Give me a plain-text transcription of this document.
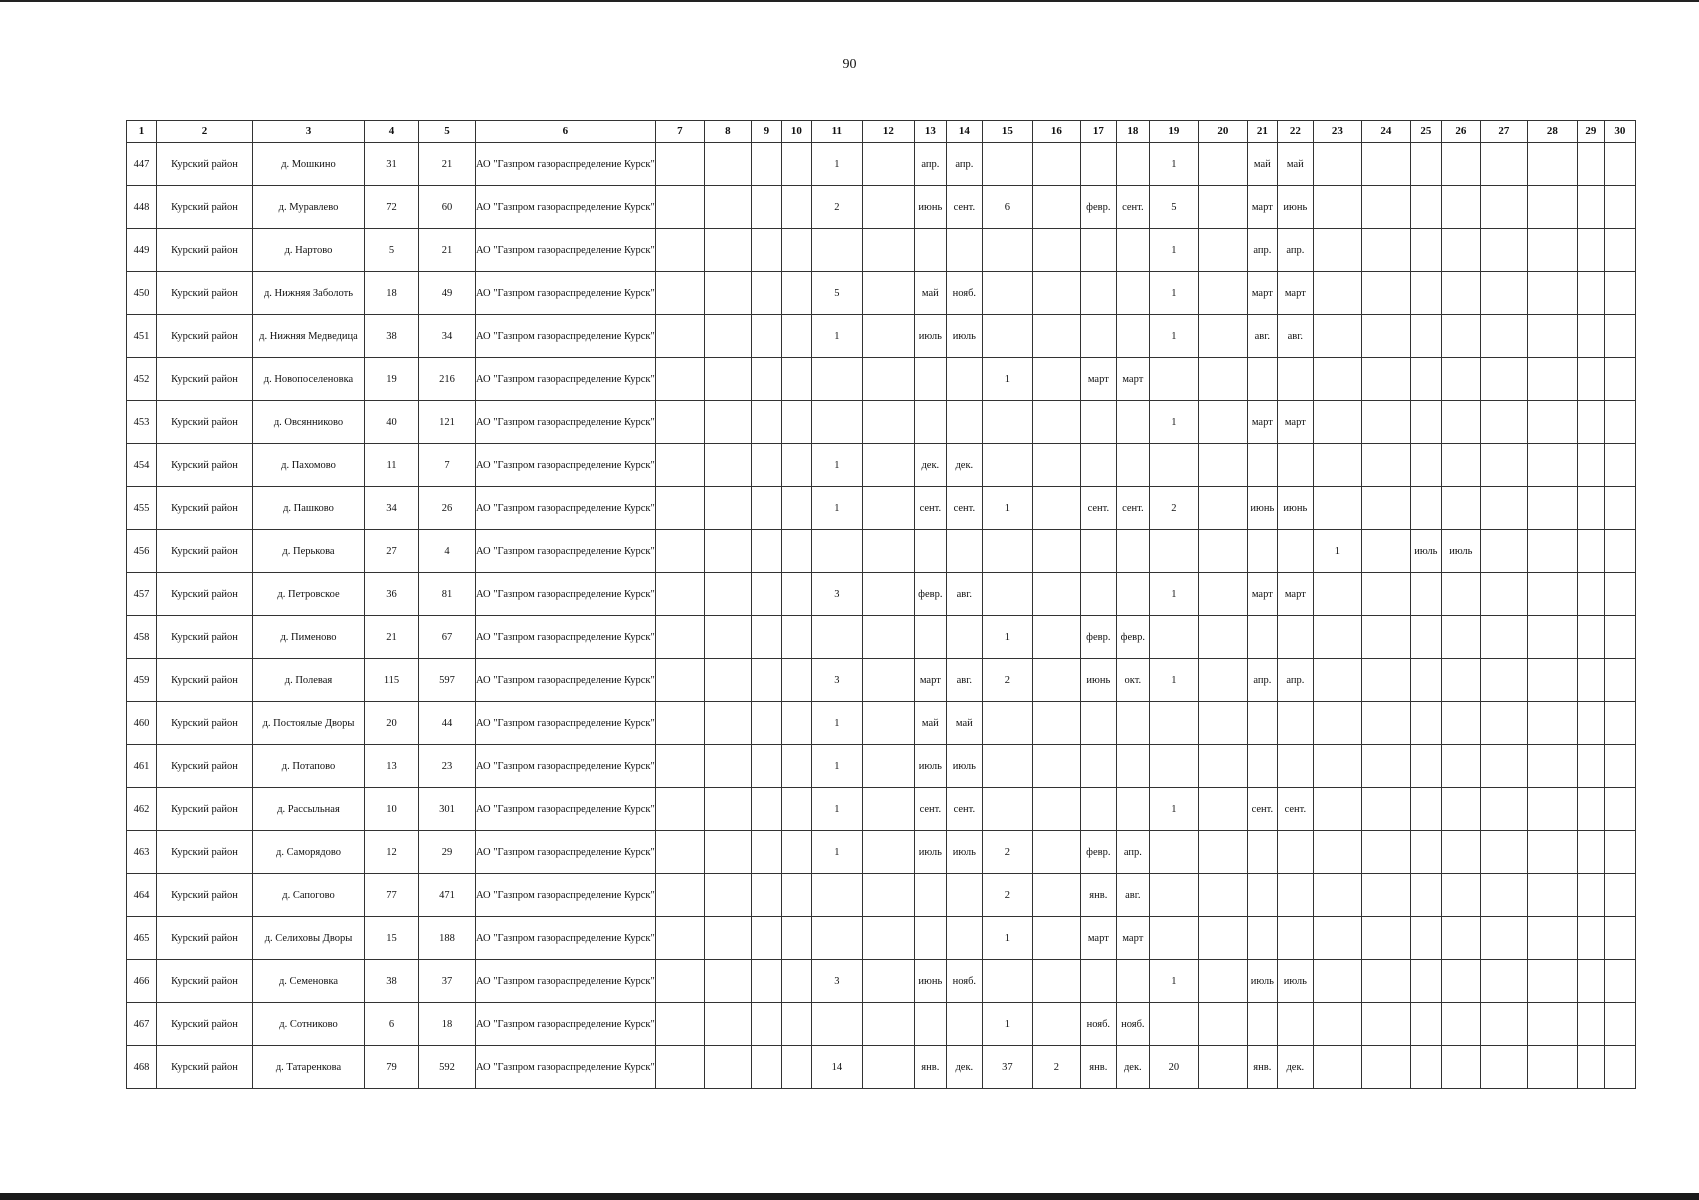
90
1	2	3	4	5	6	7	8	9	10	11	12	13	14	15	16	17	18	19	20	21	22	23	24	25	26	27	28	29	30
447	Курский район	д. Мошкино	31	21	АО "Газпром газораспределение Курск"					1		апр.	апр.					1		май	май								
448	Курский район	д. Муравлево	72	60	АО "Газпром газораспределение Курск"					2		июнь	сент.	6		февр.	сент.	5		март	июнь								
449	Курский район	д. Нартово	5	21	АО "Газпром газораспределение Курск"													1		апр.	апр.								
450	Курский район	д. Нижняя Заболоть	18	49	АО "Газпром газораспределение Курск"					5		май	нояб.					1		март	март								
451	Курский район	д. Нижняя Медведица	38	34	АО "Газпром газораспределение Курск"					1		июль	июль					1		авг.	авг.								
452	Курский район	д. Новопоселеновка	19	216	АО "Газпром газораспределение Курск"									1		март	март												
453	Курский район	д. Овсянниково	40	121	АО "Газпром газораспределение Курск"													1		март	март								
454	Курский район	д. Пахомово	11	7	АО "Газпром газораспределение Курск"					1		дек.	дек.																
455	Курский район	д. Пашково	34	26	АО "Газпром газораспределение Курск"					1		сент.	сент.	1		сент.	сент.	2		июнь	июнь								
456	Курский район	д. Перькова	27	4	АО "Газпром газораспределение Курск"																	1		июль	июль				
457	Курский район	д. Петровское	36	81	АО "Газпром газораспределение Курск"					3		февр.	авг.					1		март	март								
458	Курский район	д. Пименово	21	67	АО "Газпром газораспределение Курск"									1		февр.	февр.												
459	Курский район	д. Полевая	115	597	АО "Газпром газораспределение Курск"					3		март	авг.	2		июнь	окт.	1		апр.	апр.								
460	Курский район	д. Постоялые Дворы	20	44	АО "Газпром газораспределение Курск"					1		май	май																
461	Курский район	д. Потапово	13	23	АО "Газпром газораспределение Курск"					1		июль	июль																
462	Курский район	д. Рассыльная	10	301	АО "Газпром газораспределение Курск"					1		сент.	сент.					1		сент.	сент.								
463	Курский район	д. Саморядово	12	29	АО "Газпром газораспределение Курск"					1		июль	июль	2		февр.	апр.												
464	Курский район	д. Сапогово	77	471	АО "Газпром газораспределение Курск"									2		янв.	авг.												
465	Курский район	д. Селиховы Дворы	15	188	АО "Газпром газораспределение Курск"									1		март	март												
466	Курский район	д. Семеновка	38	37	АО "Газпром газораспределение Курск"					3		июнь	нояб.					1		июль	июль								
467	Курский район	д. Сотниково	6	18	АО "Газпром газораспределение Курск"									1		нояб.	нояб.												
468	Курский район	д. Татаренкова	79	592	АО "Газпром газораспределение Курск"					14		янв.	дек.	37	2	янв.	дек.	20		янв.	дек.								
